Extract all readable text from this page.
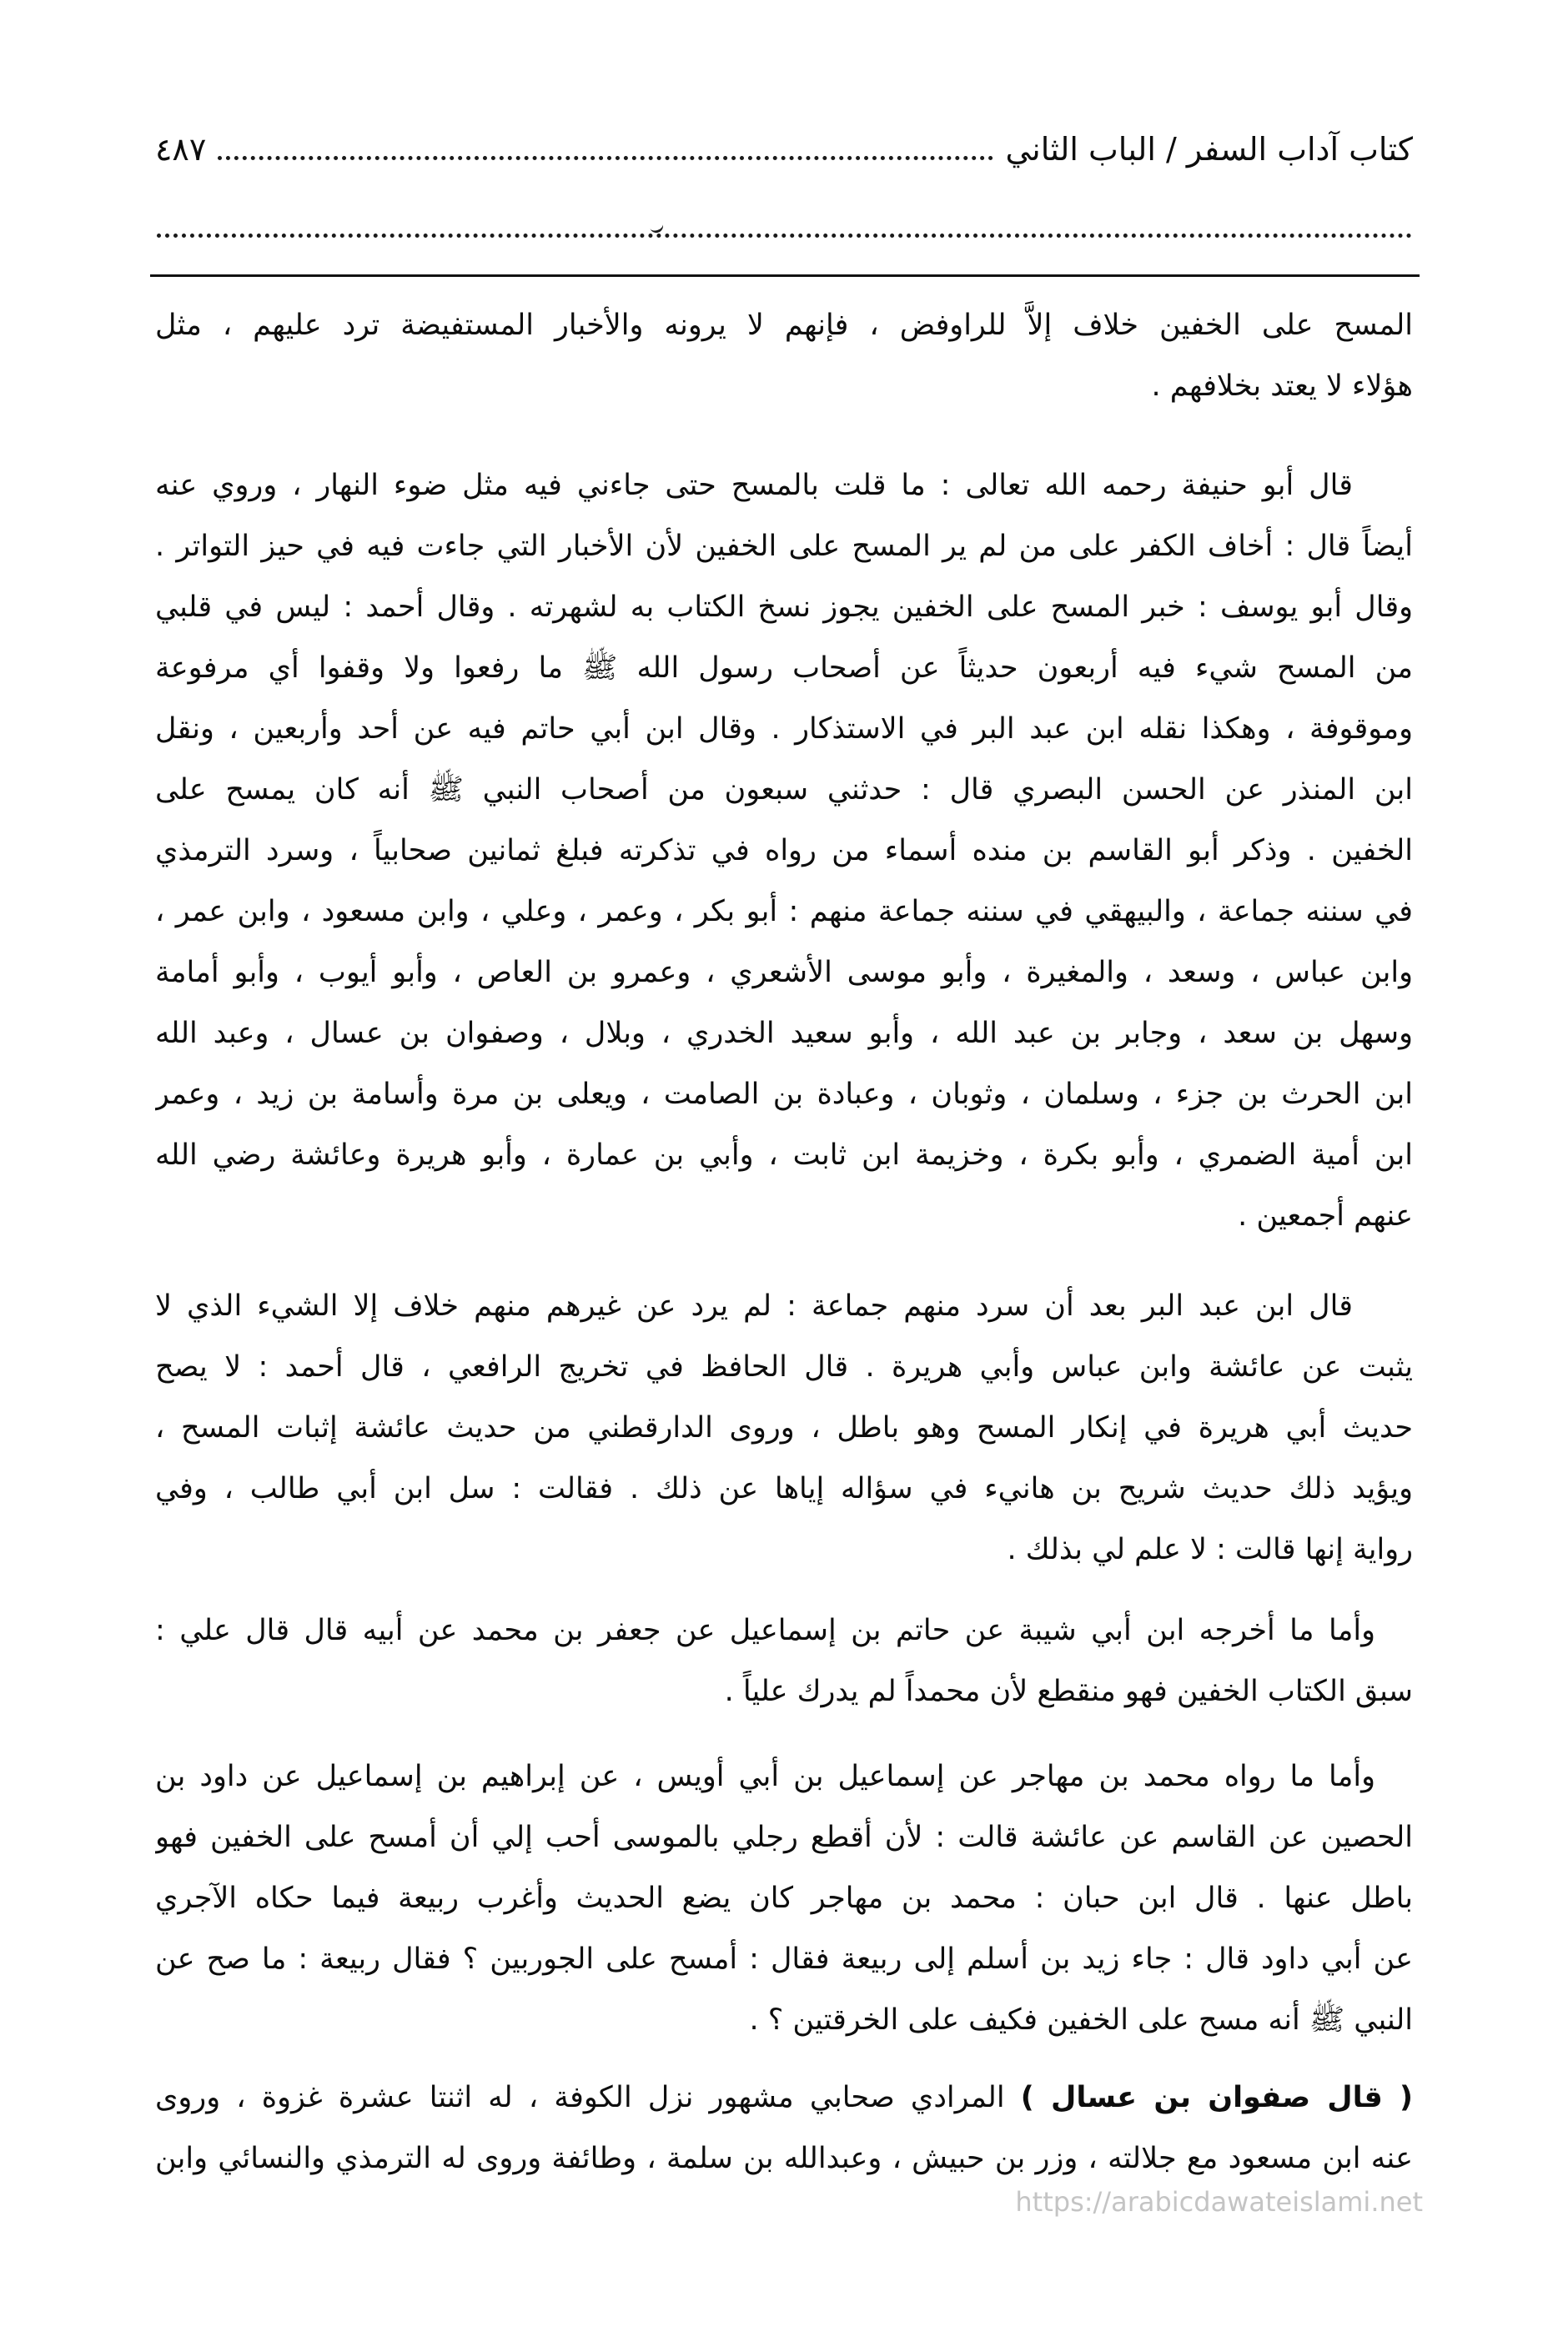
كتاب آداب السفر / الباب الثاني
٤٨٧
المسح على الخفين خلاف إلاَّ للراوفض ، فإنهم لا يرونه والأخبار المستفيضة ترد عليهم ، مثل
هؤلاء لا يعتد بخلافهم .
قال أبو حنيفة رحمه الله تعالى : ما قلت بالمسح حتى جاءني فيه مثل ضوء النهار ، وروي عنه
أيضاً قال : أخاف الكفر على من لم ير المسح على الخفين لأن الأخبار التي جاءت فيه في حيز التواتر .
وقال أبو يوسف : خبر المسح على الخفين يجوز نسخ الكتاب به لشهرته . وقال أحمد : ليس في قلبي
من المسح شيء فيه أربعون حديثاً عن أصحاب رسول الله ﷺ ما رفعوا ولا وقفوا أي مرفوعة
وموقوفة ، وهكذا نقله ابن عبد البر في الاستذكار . وقال ابن أبي حاتم فيه عن أحد وأربعين ، ونقل
ابن المنذر عن الحسن البصري قال : حدثني سبعون من أصحاب النبي ﷺ أنه كان يمسح على
الخفين . وذكر أبو القاسم بن منده أسماء من رواه في تذكرته فبلغ ثمانين صحابياً ، وسرد الترمذي
في سننه جماعة ، والبيهقي في سننه جماعة منهم : أبو بكر ، وعمر ، وعلي ، وابن مسعود ، وابن عمر ،
وابن عباس ، وسعد ، والمغيرة ، وأبو موسى الأشعري ، وعمرو بن العاص ، وأبو أيوب ، وأبو أمامة
وسهل بن سعد ، وجابر بن عبد الله ، وأبو سعيد الخدري ، وبلال ، وصفوان بن عسال ، وعبد الله
ابن الحرث بن جزء ، وسلمان ، وثوبان ، وعبادة بن الصامت ، ويعلى بن مرة وأسامة بن زيد ، وعمر
ابن أمية الضمري ، وأبو بكرة ، وخزيمة ابن ثابت ، وأبي بن عمارة ، وأبو هريرة وعائشة رضي الله
عنهم أجمعين .
قال ابن عبد البر بعد أن سرد منهم جماعة : لم يرد عن غيرهم منهم خلاف إلا الشيء الذي لا
يثبت عن عائشة وابن عباس وأبي هريرة . قال الحافظ في تخريج الرافعي ، قال أحمد : لا يصح
حديث أبي هريرة في إنكار المسح وهو باطل ، وروى الدارقطني من حديث عائشة إثبات المسح ،
ويؤيد ذلك حديث شريح بن هانيء في سؤاله إياها عن ذلك . فقالت : سل ابن أبي طالب ، وفي
رواية إنها قالت : لا علم لي بذلك .
وأما ما أخرجه ابن أبي شيبة عن حاتم بن إسماعيل عن جعفر بن محمد عن أبيه قال قال علي :
سبق الكتاب الخفين فهو منقطع لأن محمداً لم يدرك علياً .
وأما ما رواه محمد بن مهاجر عن إسماعيل بن أبي أويس ، عن إبراهيم بن إسماعيل عن داود بن
الحصين عن القاسم عن عائشة قالت : لأن أقطع رجلي بالموسى أحب إلي أن أمسح على الخفين فهو
باطل عنها . قال ابن حبان : محمد بن مهاجر كان يضع الحديث وأغرب ربيعة فيما حكاه الآجري
عن أبي داود قال : جاء زيد بن أسلم إلى ربيعة فقال : أمسح على الجوربين ؟ فقال ربيعة : ما صح عن
النبي ﷺ أنه مسح على الخفين فكيف على الخرقتين ؟ .
( قال صفوان بن عسال ) المرادي صحابي مشهور نزل الكوفة ، له اثنتا عشرة غزوة ، وروى
عنه ابن مسعود مع جلالته ، وزر بن حبيش ، وعبدالله بن سلمة ، وطائفة وروى له الترمذي والنسائي وابن
https://arabicdawateislami.net
